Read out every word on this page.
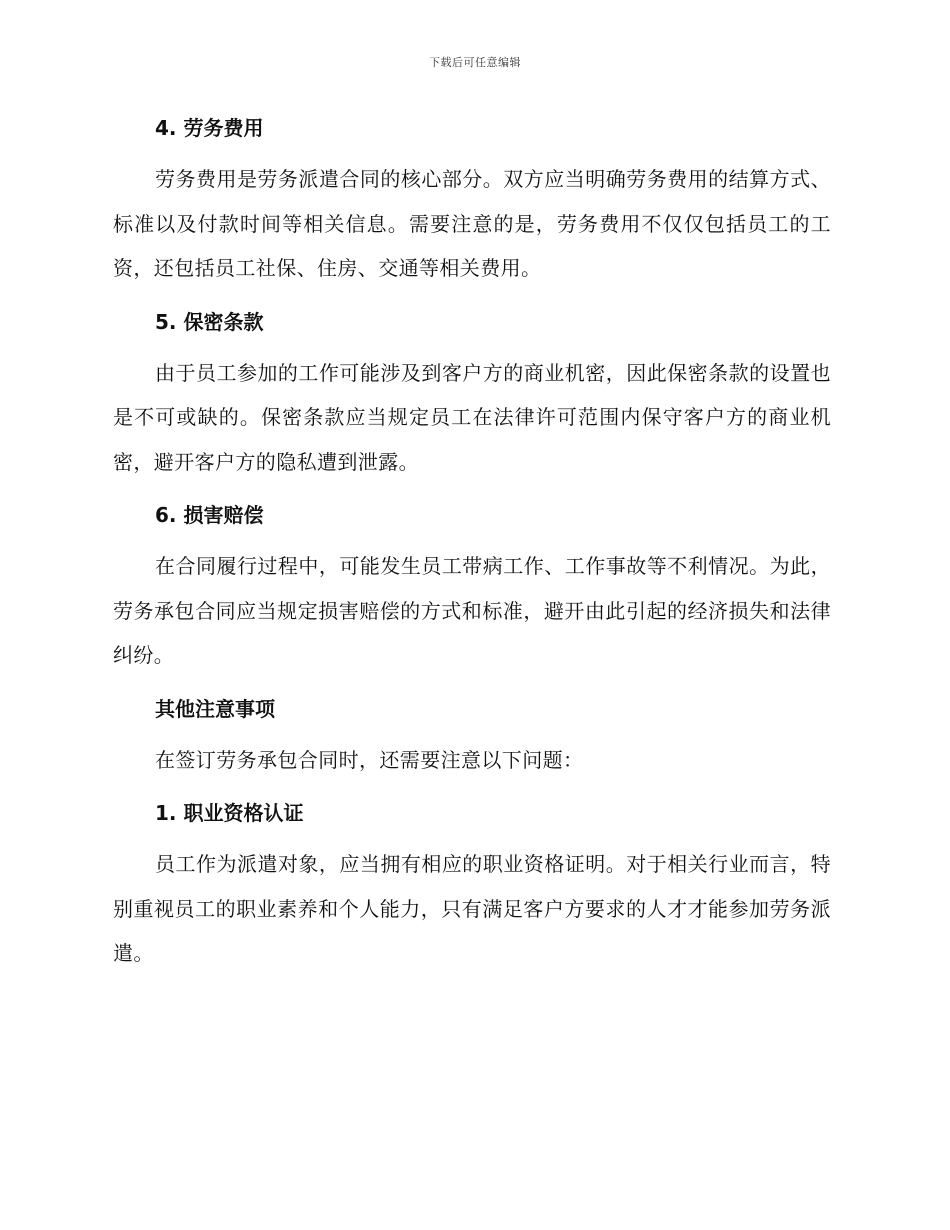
下载后可任意编辑
4. 劳务费用

劳务费用是劳务派遣合同的核心部分。双方应当明确劳务费用的结算方式、标准以及付款时间等相关信息。需要注意的是，劳务费用不仅仅包括员工的工资，还包括员工社保、住房、交通等相关费用。

5. 保密条款

由于员工参加的工作可能涉及到客户方的商业机密，因此保密条款的设置也是不可或缺的。保密条款应当规定员工在法律许可范围内保守客户方的商业机密，避开客户方的隐私遭到泄露。

6. 损害赔偿

在合同履行过程中，可能发生员工带病工作、工作事故等不利情况。为此，劳务承包合同应当规定损害赔偿的方式和标准，避开由此引起的经济损失和法律纠纷。

其他注意事项

在签订劳务承包合同时，还需要注意以下问题：

1. 职业资格认证

员工作为派遣对象，应当拥有相应的职业资格证明。对于相关行业而言，特别重视员工的职业素养和个人能力，只有满足客户方要求的人才才能参加劳务派遣。
